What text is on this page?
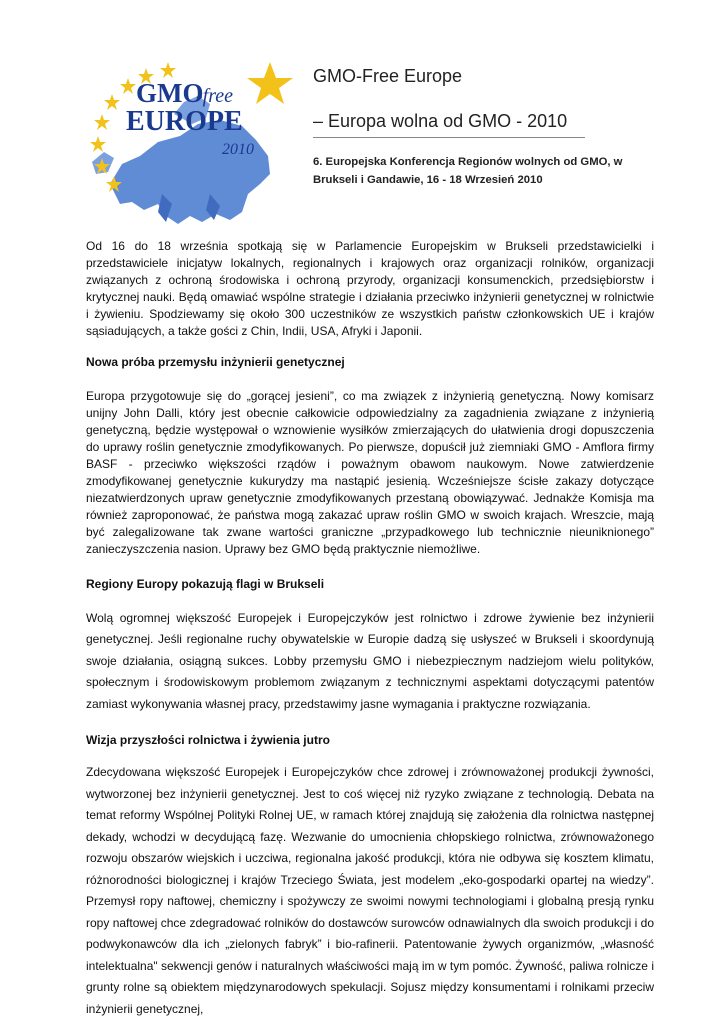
GMO
-free
EUROPE
2010
GMO-Free Europe
– Europa wolna od GMO - 2010
6. Europejska Konferencja Regionów wolnych od GMO, w Brukseli i Gandawie, 16 - 18 Wrzesień 2010

Od 16 do 18 września spotkają się w Parlamencie Europejskim w Brukseli przedstawicielki i przedstawiciele inicjatyw lokalnych, regionalnych i krajowych oraz organizacji rolników, organizacji związanych z ochroną środowiska i ochroną przyrody, organizacji konsumenckich, przedsiębiorstw i krytycznej nauki. Będą omawiać wspólne strategie i działania przeciwko inżynierii genetycznej w rolnictwie i żywieniu. Spodziewamy się około 300 uczestników ze wszystkich państw członkowskich UE i krajów sąsiadujących, a także gości z Chin, Indii, USA, Afryki i Japonii.

Nowa próba przemysłu inżynierii genetycznej

Europa przygotowuje się do „gorącej jesieni”, co ma związek z inżynierią genetyczną. Nowy komisarz unijny John Dalli, który jest obecnie całkowicie odpowiedzialny za zagadnienia związane z inżynierią genetyczną, będzie występował o wznowienie wysiłków zmierzających do ułatwienia drogi dopuszczenia do uprawy roślin genetycznie zmodyfikowanych. Po pierwsze, dopuścił już ziemniaki GMO - Amflora firmy BASF - przeciwko większości rządów i poważnym obawom naukowym. Nowe zatwierdzenie zmodyfikowanej genetycznie kukurydzy ma nastąpić jesienią. Wcześniejsze ścisłe zakazy dotyczące niezatwierdzonych upraw genetycznie zmodyfikowanych przestaną obowiązywać. Jednakże Komisja ma również zaproponować, że państwa mogą zakazać upraw roślin GMO w swoich krajach. Wreszcie, mają być zalegalizowane tak zwane wartości graniczne „przypadkowego lub technicznie nieuniknionego” zanieczyszczenia nasion. Uprawy bez GMO będą praktycznie niemożliwe.

Regiony Europy pokazują flagi w Brukseli

Wolą ogromnej większość Europejek i Europejczyków jest rolnictwo i zdrowe żywienie bez inżynierii genetycznej. Jeśli regionalne ruchy obywatelskie w Europie dadzą się usłyszeć w Brukseli i skoordynują swoje działania, osiągną sukces. Lobby przemysłu GMO i niebezpiecznym nadziejom wielu polityków, społecznym i środowiskowym problemom związanym z technicznymi aspektami dotyczącymi patentów zamiast wykonywania własnej pracy, przedstawimy jasne wymagania i praktyczne rozwiązania.

Wizja przyszłości rolnictwa i żywienia jutro

Zdecydowana większość Europejek i Europejczyków chce zdrowej i zrównoważonej produkcji żywności, wytworzonej bez inżynierii genetycznej. Jest to coś więcej niż ryzyko związane z technologią. Debata na temat reformy Wspólnej Polityki Rolnej UE, w ramach której znajdują się założenia dla rolnictwa następnej dekady, wchodzi w decydującą fazę. Wezwanie do umocnienia chłopskiego rolnictwa, zrównoważonego rozwoju obszarów wiejskich i uczciwa, regionalna jakość produkcji, która nie odbywa się kosztem klimatu, różnorodności biologicznej i krajów Trzeciego Świata, jest modelem „eko-gospodarki opartej na wiedzy”. Przemysł ropy naftowej, chemiczny i spożywczy ze swoimi nowymi technologiami i globalną presją rynku ropy naftowej chce zdegradować rolników do dostawców surowców odnawialnych dla swoich produkcji i do podwykonawców dla ich „zielonych fabryk” i bio-rafinerii. Patentowanie żywych organizmów, „własność intelektualna" sekwencji genów i naturalnych właściwości mają im w tym pomóc. Żywność, paliwa rolnicze i grunty rolne są obiektem międzynarodowych spekulacji. Sojusz między konsumentami i rolnikami przeciw inżynierii genetycznej,
